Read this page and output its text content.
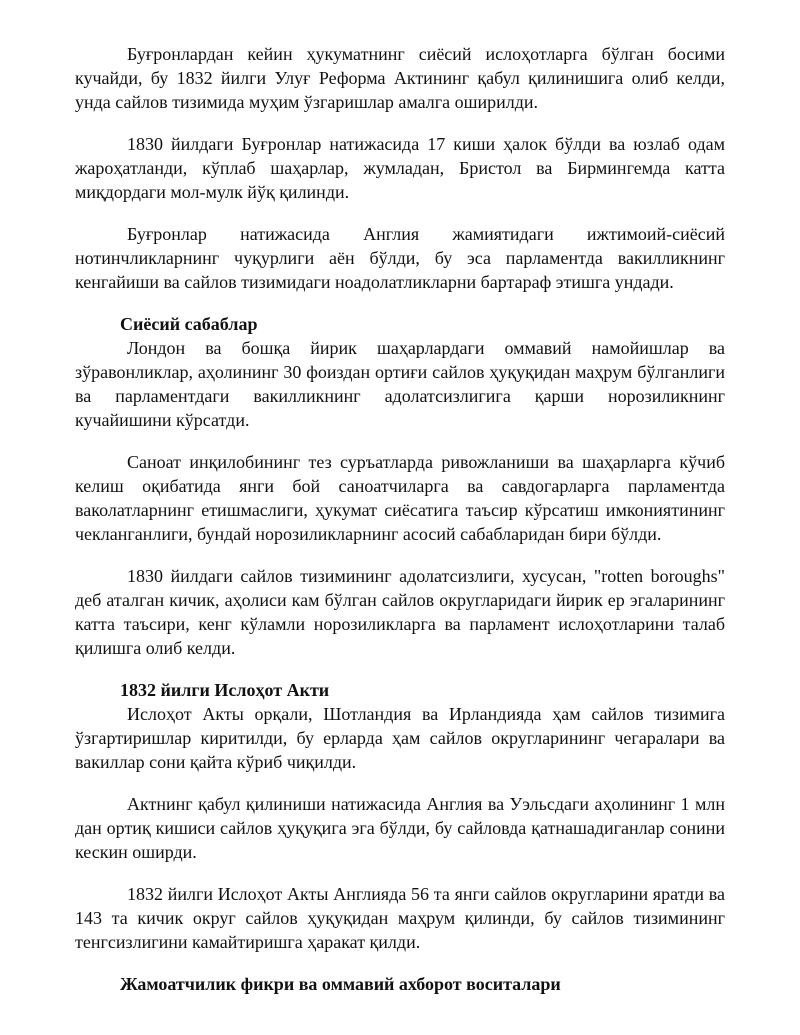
Буғронлардан кейин ҳукуматнинг сиёсий ислоҳотларга бўлган босими кучайди, бу 1832 йилги Улуғ Реформа Актининг қабул қилинишига олиб келди, унда сайлов тизимида муҳим ўзгаришлар амалга оширилди.

1830 йилдаги Буғронлар натижасида 17 киши ҳалок бўлди ва юзлаб одам жароҳатланди, кўплаб шаҳарлар, жумладан, Бристол ва Бирмингемда катта миқдордаги мол-мулк йўқ қилинди.

Буғронлар натижасида Англия жамиятидаги ижтимоий-сиёсий нотинчликларнинг чуқурлиги аён бўлди, бу эса парламентда вакилликнинг кенгайиши ва сайлов тизимидаги ноадолатликларни бартараф этишга ундади.

Сиёсий сабаблар

Лондон ва бошқа йирик шаҳарлардаги оммавий намойишлар ва зўравонликлар, аҳолининг 30 фоиздан ортиғи сайлов ҳуқуқидан маҳрум бўлганлиги ва парламентдаги вакилликнинг адолатсизлигига қарши норозиликнинг кучайишини кўрсатди.

Саноат инқилобининг тез суръатларда ривожланиши ва шаҳарларга кўчиб келиш оқибатида янги бой саноатчиларга ва савдогарларга парламентда ваколатларнинг етишмаслиги, ҳукумат сиёсатига таъсир кўрсатиш имкониятининг чекланганлиги, бундай норозиликларнинг асосий сабабларидан бири бўлди.

1830 йилдаги сайлов тизимининг адолатсизлиги, хусусан, "rotten boroughs" деб аталган кичик, аҳолиси кам бўлган сайлов округларидаги йирик ер эгаларининг катта таъсири, кенг кўламли норозиликларга ва парламент ислоҳотларини талаб қилишга олиб келди.

1832 йилги Ислоҳот Акти

Ислоҳот Акты орқали, Шотландия ва Ирландияда ҳам сайлов тизимига ўзгартиришлар киритилди, бу ерларда ҳам сайлов округларининг чегаралари ва вакиллар сони қайта кўриб чиқилди.

Актнинг қабул қилиниши натижасида Англия ва Уэльсдаги аҳолининг 1 млн дан ортиқ кишиси сайлов ҳуқуқига эга бўлди, бу сайловда қатнашадиганлар сонини кескин оширди.

1832 йилги Ислоҳот Акты Англияда 56 та янги сайлов округларини яратди ва 143 та кичик округ сайлов ҳуқуқидан маҳрум қилинди, бу сайлов тизимининг тенгсизлигини камайтиришга ҳаракат қилди.

Жамоатчилик фикри ва оммавий ахборот воситалари
